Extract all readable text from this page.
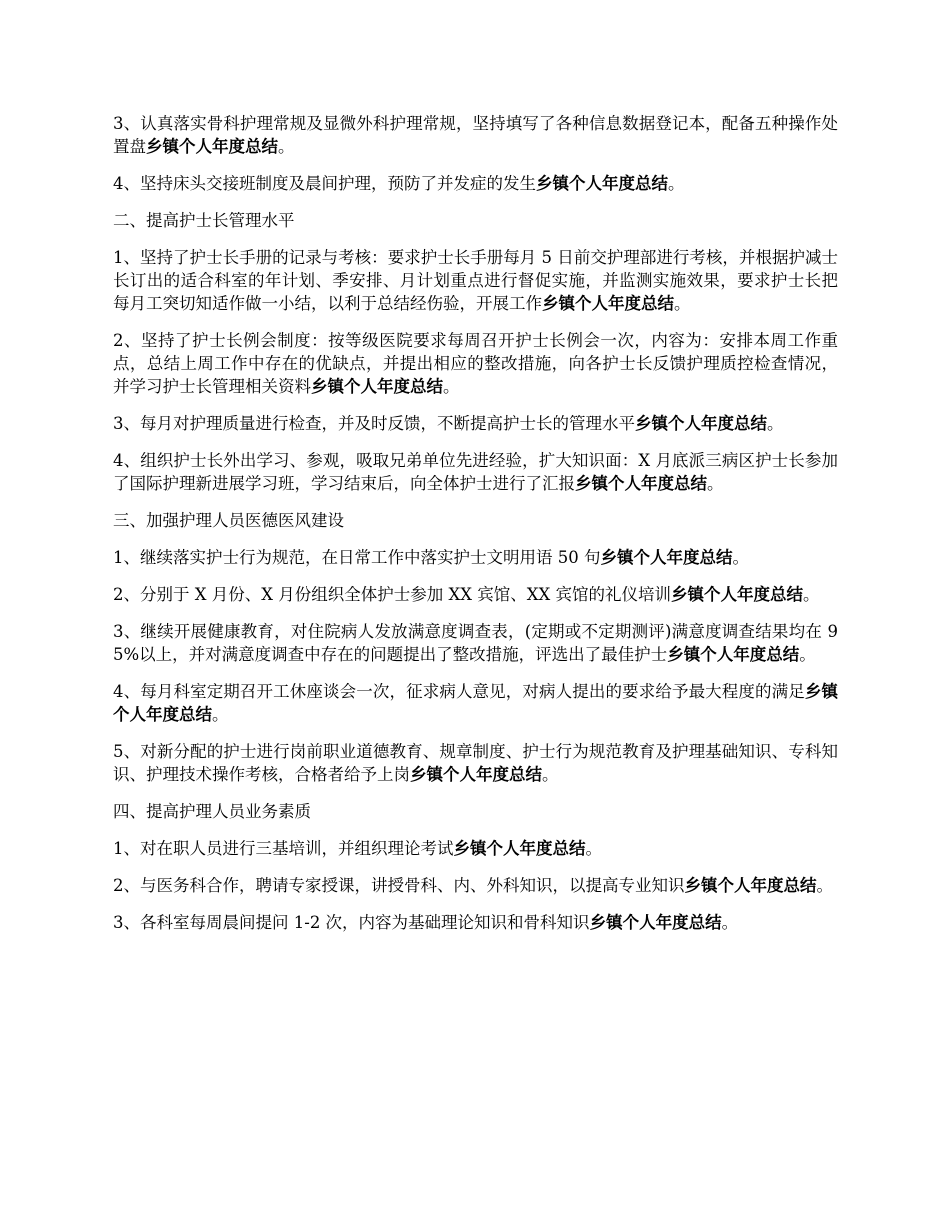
3、认真落实骨科护理常规及显微外科护理常规，坚持填写了各种信息数据登记本，配备五种操作处置盘乡镇个人年度总结。

4、坚持床头交接班制度及晨间护理，预防了并发症的发生乡镇个人年度总结。

二、提高护士长管理水平

1、坚持了护士长手册的记录与考核：要求护士长手册每月 5 日前交护理部进行考核，并根据护减士长订出的适合科室的年计划、季安排、月计划重点进行督促实施，并监测实施效果，要求护士长把每月工突切知适作做一小结，以利于总结经伤验，开展工作乡镇个人年度总结。

2、坚持了护士长例会制度：按等级医院要求每周召开护士长例会一次，内容为：安排本周工作重点，总结上周工作中存在的优缺点，并提出相应的整改措施，向各护士长反馈护理质控检查情况，并学习护士长管理相关资料乡镇个人年度总结。

3、每月对护理质量进行检查，并及时反馈，不断提高护士长的管理水平乡镇个人年度总结。

4、组织护士长外出学习、参观，吸取兄弟单位先进经验，扩大知识面：X 月底派三病区护士长参加了国际护理新进展学习班，学习结束后，向全体护士进行了汇报乡镇个人年度总结。

三、加强护理人员医德医风建设

1、继续落实护士行为规范，在日常工作中落实护士文明用语 50 句乡镇个人年度总结。

2、分别于 X 月份、X 月份组织全体护士参加 XX 宾馆、XX 宾馆的礼仪培训乡镇个人年度总结。

3、继续开展健康教育，对住院病人发放满意度调查表，(定期或不定期测评)满意度调查结果均在 95%以上，并对满意度调查中存在的问题提出了整改措施，评选出了最佳护士乡镇个人年度总结。

4、每月科室定期召开工休座谈会一次，征求病人意见，对病人提出的要求给予最大程度的满足乡镇个人年度总结。

5、对新分配的护士进行岗前职业道德教育、规章制度、护士行为规范教育及护理基础知识、专科知识、护理技术操作考核，合格者给予上岗乡镇个人年度总结。

四、提高护理人员业务素质

1、对在职人员进行三基培训，并组织理论考试乡镇个人年度总结。

2、与医务科合作，聘请专家授课，讲授骨科、内、外科知识，以提高专业知识乡镇个人年度总结。

3、各科室每周晨间提问 1-2 次，内容为基础理论知识和骨科知识乡镇个人年度总结。
